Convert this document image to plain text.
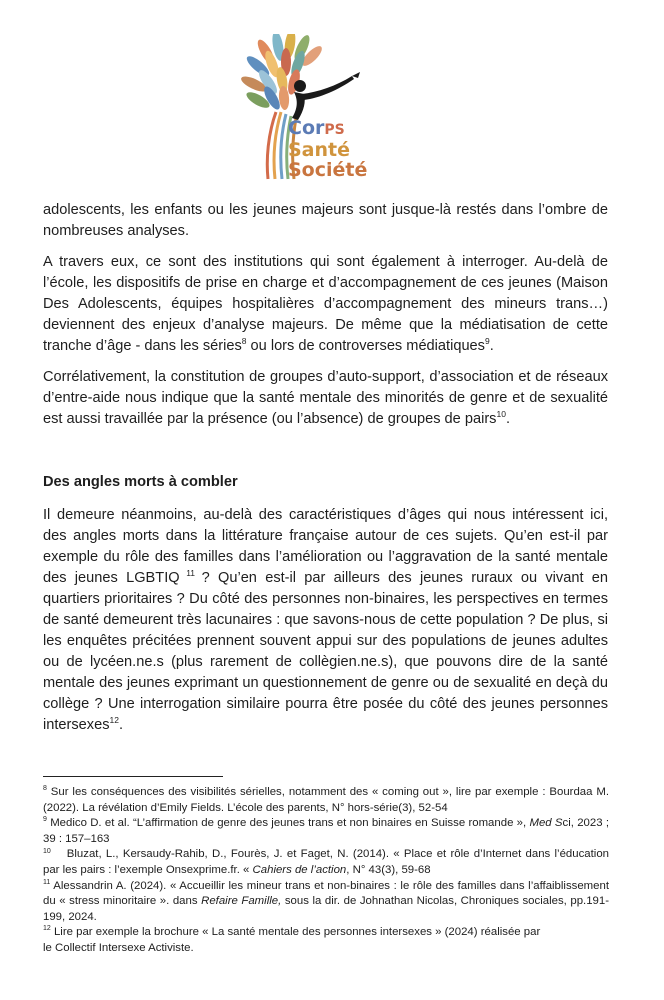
CorPS
Santé
Société

adolescents, les enfants ou les jeunes majeurs sont jusque-là restés dans l’ombre de nombreuses analyses.

A travers eux, ce sont des institutions qui sont également à interroger. Au-delà de l’école, les dispositifs de prise en charge et d’accompagnement de ces jeunes (Maison Des Adolescents, équipes hospitalières d’accompagnement des mineurs trans…) deviennent des enjeux d’analyse majeurs. De même que la médiatisation de cette tranche d’âge - dans les séries$^8$ ou lors de controverses médiatiques$^9$.

Corrélativement, la constitution de groupes d’auto-support, d’association et de réseaux d’entre-aide nous indique que la santé mentale des minorités de genre et de sexualité est aussi travaillée par la présence (ou l’absence) de groupes de pairs$^{10}$.

Des angles morts à combler

Il demeure néanmoins, au-delà des caractéristiques d’âges qui nous intéressent ici, des angles morts dans la littérature française autour de ces sujets. Qu’en est-il par exemple du rôle des familles dans l’amélioration ou l’aggravation de la santé mentale des jeunes LGBTIQ $^{11}$ ? Qu’en est-il par ailleurs des jeunes ruraux ou vivant en quartiers prioritaires ? Du côté des personnes non-binaires, les perspectives en termes de santé demeurent très lacunaires : que savons-nous de cette population ? De plus, si les enquêtes précitées prennent souvent appui sur des populations de jeunes adultes ou de lycéen.ne.s (plus rarement de collègien.ne.s), que pouvons dire de la santé mentale des jeunes exprimant un questionnement de genre ou de sexualité en deçà du collège ? Une interrogation similaire pourra être posée du côté des jeunes personnes intersexes$^{12}$.

$^8$ Sur les conséquences des visibilités sérielles, notamment des « coming out », lire par exemple : Bourdaa M. (2022). La révélation d’Emily Fields. L’école des parents, N° hors-série(3), 52-54

$^9$ Medico D. et al. “L’affirmation de genre des jeunes trans et non binaires en Suisse romande », Med Sci, 2023 ; 39 : 157–163

$^{10}$ Bluzat, L., Kersaudy-Rahib, D., Fourès, J. et Faget, N. (2014). « Place et rôle d’Internet dans l’éducation par les pairs : l’exemple Onsexprime.fr. « Cahiers de l’action, N° 43(3), 59-68

$^{11}$ Alessandrin A. (2024). « Accueillir les mineur trans et non-binaires : le rôle des familles dans l’affaiblissement du « stress minoritaire ». dans Refaire Famille, sous la dir. de Johnathan Nicolas, Chroniques sociales, pp.191-199, 2024.

$^{12}$ Lire par exemple la brochure « La santé mentale des personnes intersexes » (2024) réalisée par
le Collectif Intersexe Activiste.
